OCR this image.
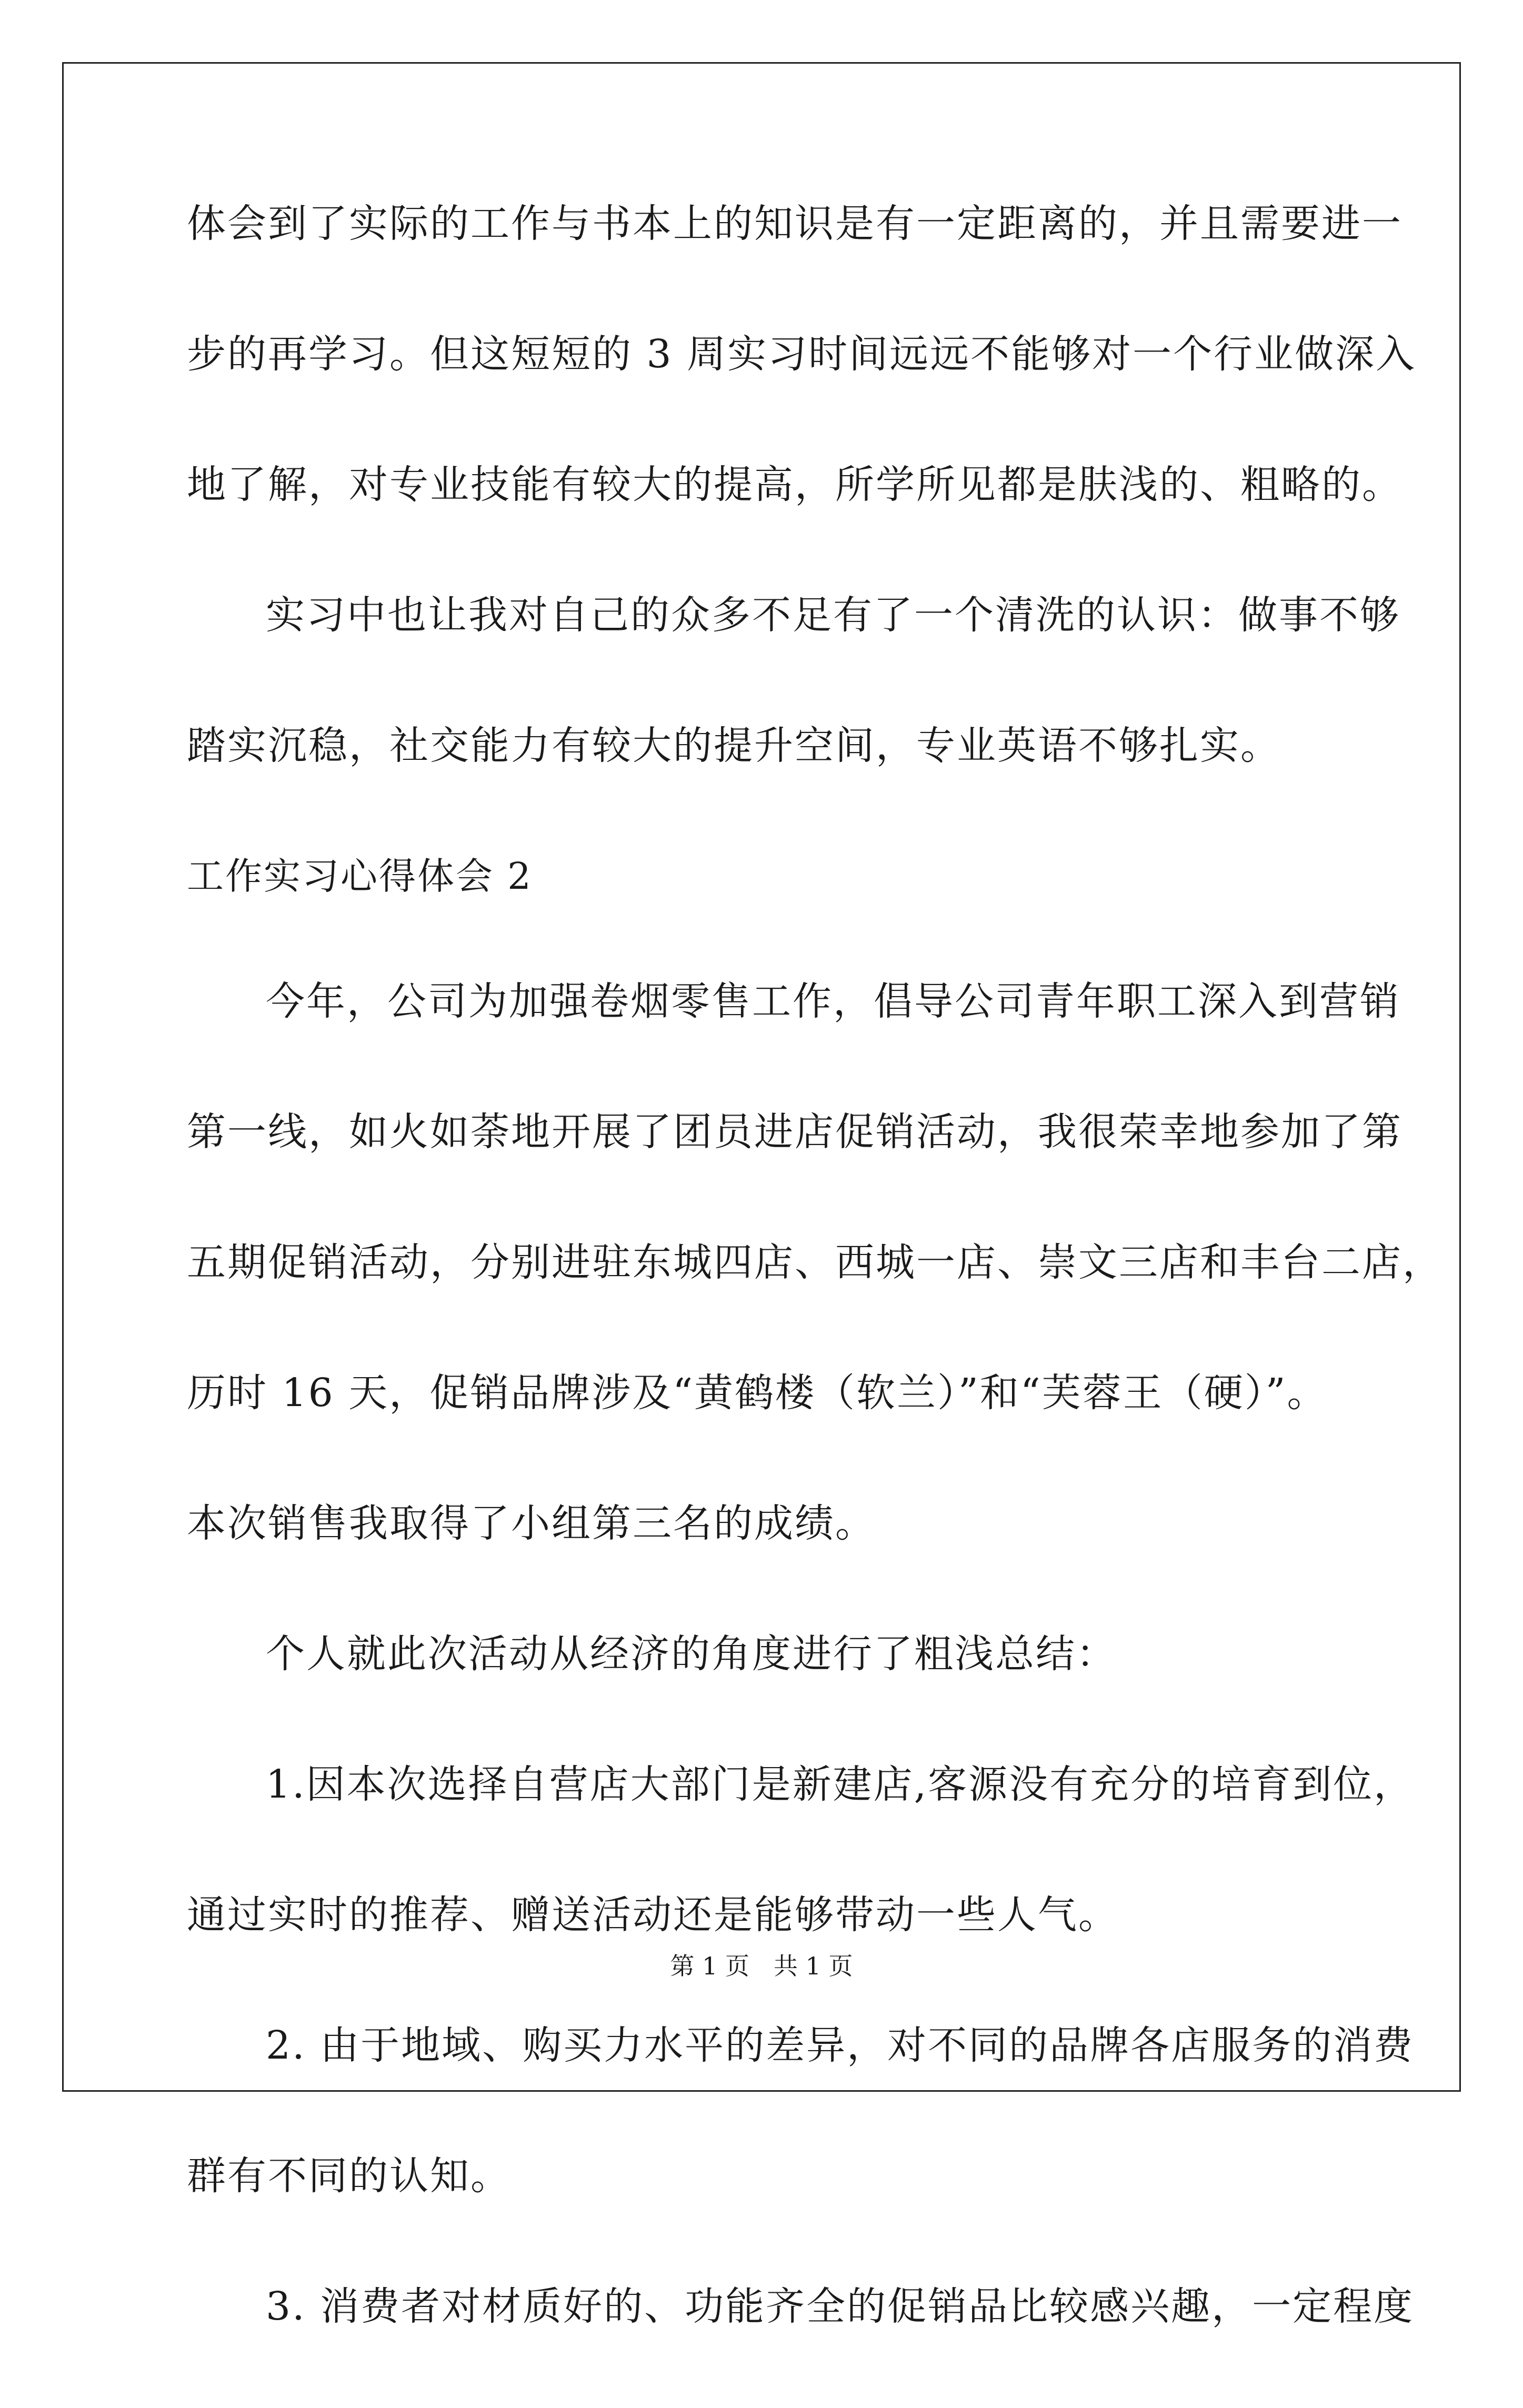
体会到了实际的工作与书本上的知识是有一定距离的，并且需要进一
步的再学习。但这短短的 3 周实习时间远远不能够对一个行业做深入
地了解，对专业技能有较大的提高，所学所见都是肤浅的、粗略的。
实习中也让我对自己的众多不足有了一个清洗的认识：做事不够
踏实沉稳，社交能力有较大的提升空间，专业英语不够扎实。
工作实习心得体会 2
今年，公司为加强卷烟零售工作，倡导公司青年职工深入到营销
第一线，如火如荼地开展了团员进店促销活动，我很荣幸地参加了第
五期促销活动，分别进驻东城四店、西城一店、崇文三店和丰台二店，
历时 16 天，促销品牌涉及“黄鹤楼（软兰）”和“芙蓉王（硬）”。
本次销售我取得了小组第三名的成绩。
个人就此次活动从经济的角度进行了粗浅总结：
1.因本次选择自营店大部门是新建店,客源没有充分的培育到位，
通过实时的推荐、赠送活动还是能够带动一些人气。
2. 由于地域、购买力水平的差异，对不同的品牌各店服务的消费
群有不同的认知。
3. 消费者对材质好的、功能齐全的促销品比较感兴趣，一定程度
第 1 页　共 1 页
